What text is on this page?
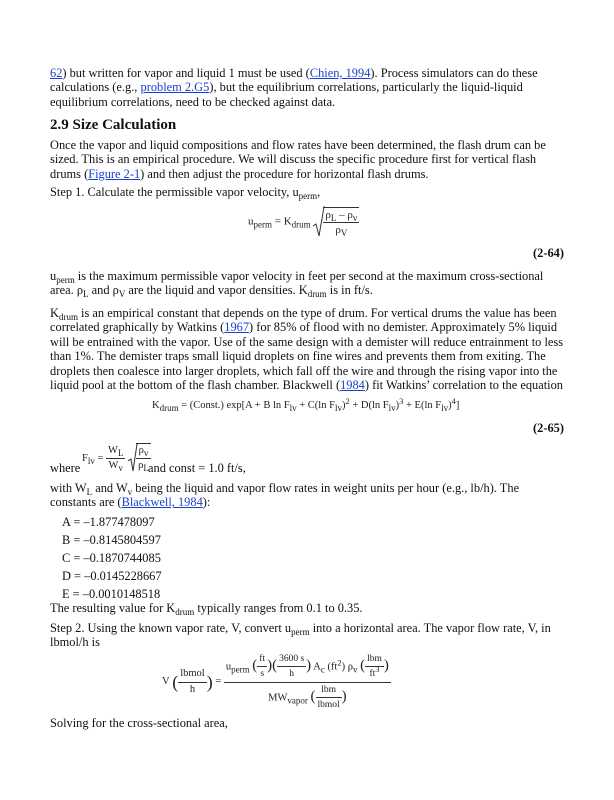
62) but written for vapor and liquid 1 must be used (Chien, 1994). Process simulators can do these calculations (e.g., problem 2.G5), but the equilibrium correlations, particularly the liquid-liquid equilibrium correlations, need to be checked against data.

2.9 Size Calculation

Once the vapor and liquid compositions and flow rates have been determined, the flash drum can be sized. This is an empirical procedure. We will discuss the specific procedure first for vertical flash drums (Figure 2-1) and then adjust the procedure for horizontal flash drums.

Step 1. Calculate the permissible vapor velocity, $u_{perm}$,

$u_{perm} = K_{drum} \frac{\rho_L - \rho_v}{\rho_V}$
(2-64)

$u_{perm}$ is the maximum permissible vapor velocity in feet per second at the maximum cross-sectional area. $\rho_L$ and $\rho_V$ are the liquid and vapor densities. $K_{drum}$ is in ft/s.

$K_{drum}$ is an empirical constant that depends on the type of drum. For vertical drums the value has been correlated graphically by Watkins (1967) for 85% of flood with no demister. Approximately 5% liquid will be entrained with the vapor. Use of the same design with a demister will reduce entrainment to less than 1%. The demister traps small liquid droplets on fine wires and prevents them from exiting. The droplets then coalesce into larger droplets, which fall off the wire and through the rising vapor into the liquid pool at the bottom of the flash chamber. Blackwell (1984) fit Watkins’ correlation to the equation

$K_{drum}$ = (Const.) exp[A + B $\ln F_{lv} + C(\ln$ $F_{lv})^2 + D(\ln$ $F_{lv})^3 + E(\ln$ $F_{lv})^4$]
(2-65)
where
$F_{lv} = \frac{W_L}{W_v}$
$\frac{\rho_v}{\rho_L}$
and const = 1.0 ft/s,

with $W_L$ and $W_v$ being the liquid and vapor flow rates in weight units per hour (e.g., lb/h). The constants are (Blackwell, 1984):

A = –1.877478097
B = –0.8145804597
C = –0.1870744085
D = –0.0145228667
E = –0.0010148518

The resulting value for $K_{drum}$ typically ranges from 0.1 to 0.35.

Step 2. Using the known vapor rate, V, convert $u_{perm}$ into a horizontal area. The vapor flow rate, V, in lbmol/h is

V ( $\frac{\text{lbmol}}{h}$ ) =
$u_{perm}$ ( $\frac{ft}{s}$ )( $\frac{3600 s}{h}$ ) $A_c$ $(ft^2)$ $\rho_v$ ( $\frac{\text{lbm}}{ft^3}$ )
$MW_{vapor}$ ( $\frac{\text{lbm}}{\text{lbmol}}$ )

Solving for the cross-sectional area,
